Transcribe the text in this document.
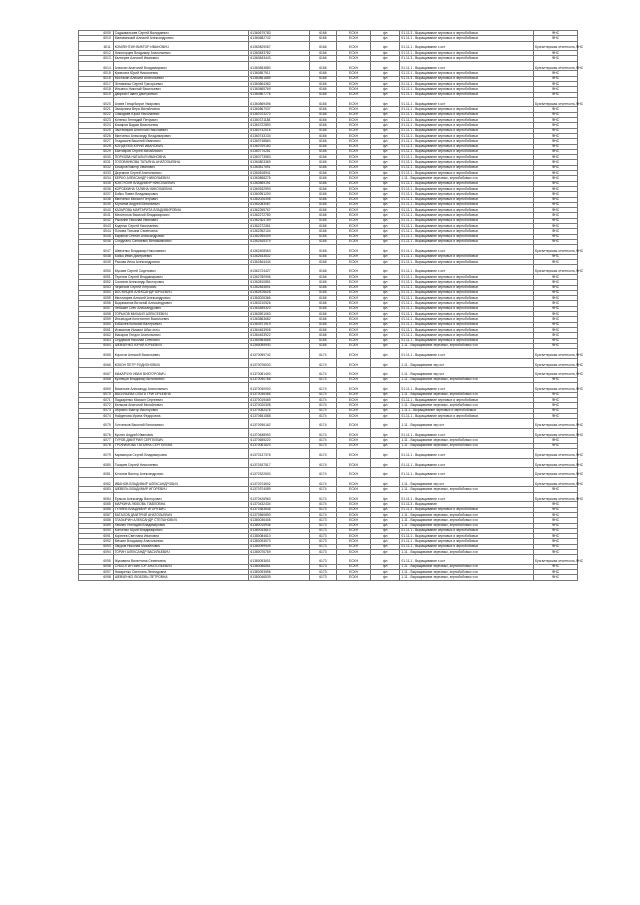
6009	Садыквальиев Сергей Валидиевич	61360679783	6166	ЕСХН	фл	01.11.3 - Выращивание зерновых и зернобобовых	ФНС
6010	Малявинский Алексей Александрович	61360682742	6166	ЕСХН	фл	01.11.1 - Выращивание зерновых и зернобобовых	ФНС
6011	КОМЛЕНТИН ВИКТОР ИВАНОВИЧ	61360829067	6166	ЕСХН	фл	01.11.1 - Выращивание з ост	Бухгалтерская отчетность,ФНС
6012	Никонорцев Владимир Анатольевич	61360833782	6166	ЕСХН	фл	01.11.1 - Выращивание зерновых и зернобобовых	ФНС
6013	Калчерев Алексей Иванович	61360843443	6166	ЕСХН	фл	01.11.3 - Выращивание зерновых и зернобобовых	ФНС
6014	Алексин Анатолий Владимирович	61360853880	6166	ЕСХН	фл	01.11.1 - Выращивание з ост	Бухгалтерская отчетность,ФНС
6015	Кривоспа Юрий Николаевич	61360857911	6166	ЕСХН	фл	01.11.1 - Выращивание зерновых и зернобобовых	ФНС
6016	Мостакин Алексей Анатольевич	61360861889	6166	ЕСХН	фл	01.11.3 - Выращивание зерновых и зернобобовых	ФНС
6017	Эстиманко Сергей Григорьевич	61360864362	6166	ЕСХН	фл	01.11.1 - Выращивание зерновых и зернобобовых	ФНС
6018	Ильинко Николай Васильевич	61360865769	6166	ЕСХН	фл	01.11.1 - Выращивание зерновых и зернобобовых	ФНС
6019	Дворкин Павел Дмитриевич	61360867776	6166	ЕСХН	фл	01.11.1 - Выращивание зерновых и зернобобовых	ФНС
6020	Алиев Гатырбаграт Умарович	61360869496	6166	ЕСХН	фл	01.11.1 - Выращивание з ост	Бухгалтерская отчетность,ФНС
6021	Захарлина Вера Михайловна	61360867037	6166	ЕСХН	фл	01.11.1 - Выращивание зерновых и зернобобовых	ФНС
6022	Самодаев Юрий Николаевич	61360703270	6166	ЕСХН	фл	01.11.1 - Выращивание зерновых и зернобобовых	ФНС
6023	Котенко Геннадий Петрович	61360721188	6166	ЕСХН	фл	01.11.1 - Выращивание зерновых и зернобобовых	ФНС
6024	Комаров Вадим Васильевич	61360722890	6166	ЕСХН	фл	01.11.1 - Выращивание зерновых и зернобобовых	ФНС
6025	Застемиров Анатолий Николаевич	61360742016	6166	ЕСХН	фл	01.11.1 - Выращивание зерновых и зернобобовых	ФНС
6026	Минченко Александр Владимирович	61360743134	6166	ЕСХН	фл	01.11.1 - Выращивание зерновых и зернобобовых	ФНС
6027	Гладышев Василий Иванович	61360748860	6166	ЕСХН	фл	01.11.1 - Выращивание зерновых и зернобобовых	ФНС
6028	КОНДЕПЕВ ЮРИЙ ИВАНОВИЧ	61360759180	6166	ЕСХН	фл	01.11.3 - Выращивание зерновых и зернобобовых	ФНС
6029	Бахтиаров Сергей Михайлович	61360775281	6166	ЕСХН	фл	01.11.1 - Выращивание зерновых и зернобобовых	ФНС
6030	ПОРХОВА НАТАЛЬЯ ИВАНОВНА	61360773583	6166	ЕСХН	фл	01.11.1 - Выращивание зерновых и зернобобовых	ФНС
6031	ГОЛОВНИКОВА ТАТЬЯНА АНАТОЛЬЕВНА	61360803369	6166	ЕСХН	фл	01.11.1 - Выращивание зерновых и зернобобовых	ФНС
6032	Бочаров Виктор Иванович	61360817591	6166	ЕСХН	фл	01.11.1 - Выращивание зерновых и зернобобовых	ФНС
6033	Дерганов Сергей Анатольевич	61360818941	6166	ЕСХН	фл	01.11.1 - Выращивание зерновых и зернобобовых	ФНС
6034	БЕРКО АЛЕКСАНДР НИКОЛАЕВИЧ	61360858275	6166	ЕСХН	фл	1.11 - Выращивание зерновых, зернобобовых и м	ФНС
6035	КОКТУСИН ВЛАДИМИР НИКОЛАЕВИЧ	61360869191	6166	ЕСХН	фл	01.11.1 - Выращивание зерновых и зернобобовых	ФНС
6036	КОРОБКИНА ГАЛИНА НИКОЛАЕВНА	61360932993	6166	ЕСХН	фл	01.11.1 - Выращивание зерновых и зернобобовых	ФНС
6037	Бойко Павел Владимирович	61360951200	6166	ЕСХН	фл	01.11.1 - Выращивание зерновых и зернобобовых	ФНС
6038	Минченко Михаил Петрович	61362026398	6166	ЕСХН	фл	01.11.1 - Выращивание зерновых и зернобобовых	ФНС
6039	Юрганов Андрей Витальевич	61362083067	6166	ЕСХН	фл	01.11.1 - Выращивание зерновых и зернобобовых	ФНС
6040	КАЗАРОВА МАРГАРИТА ВЛАДИМИРОВНА	61362265767	6166	ЕСХН	фл	01.11.1 - Выращивание зерновых и зернобобовых	ФНС
6041	Мелитонов Василий Владимирович	61362272780	6166	ЕСХН	фл	01.11.1 - Выращивание зерновых и зернобобовых	ФНС
6042	Рыкалин Николай Иванович	61362304789	6166	ЕСХН	фл	01.11.1 - Выращивание зерновых и зернобобовых	ФНС
6043	Коденко Сергей Николаевич	61362272361	6166	ЕСХН	фл	01.11.1 - Выращивание зерновых и зернобобовых	ФНС
6044	Попова Татьяна Семеновна	61362392104	6166	ЕСХН	фл	01.11.1 - Выращивание зерновых и зернобобовых	ФНС
6045	Баранов Степан Александрович	61362395409	6166	ЕСХН	фл	01.11.1 - Выращивание зерновых и зернобобовых	ФНС
6046	Сондугано Сангаевич Вениаминович	61362545379	6166	ЕСХН	фл	01.11.1 - Выращивание зерновых и зернобобовых	ФНС
6047	Шевченко Владимир Николаевич	61362408063	6166	ЕСХН	фл	01.11.1 - Выращивание з ост	Бухгалтерская отчетность,ФНС
6048	Бойко Иван Дмитриевич	61362643632	6166	ЕСХН	фл	01.11.1 - Выращивание зерновых и зернобобовых	ФНС
6049	Рыкова Инна Александровна	61362844444	6166	ЕСХН	фл	01.11.1 - Выращивание зерновых и зернобобовых	ФНС
6050	Мусаев Сергей Сиденович	61362724427	6166	ЕСХН	фл	01.11.1 - Выращивание з ост	Бухгалтерская отчетность,ФНС
6051	Терехов Сергей Владимирович	61362780906	6166	ЕСХН	фл	01.11.1 - Выращивание зерновых и зернобобовых	ФНС
6052	Салихов Александр Викторович	61362810851	6166	ЕСХН	фл	01.11.1 - Выращивание зерновых и зернобобовых	ФНС
6053	Черкесов Сергей Петрович	61362844691	6166	ЕСХН	фл	01.11.1 - Выращивание зерновых и зернобобовых	ФНС
6054	ВОСНИЦЕВ АЛЕКСАНДР ЮРЬЕВИЧ	61362876628	6166	ЕСХН	фл	01.11.1 - Выращивание зерновых и зернобобовых	ФНС
6055	Миллиарев Алексей Александрович	61363026366	6166	ЕСХН	фл	01.11.1 - Выращивание зерновых и зернобобовых	ФНС
6056	Водомзанов Виталий Александрович	61363210526	6166	ЕСХН	фл	01.11.1 - Выращивание зерновых и зернобобовых	ФНС
6057	Чебыкин Олег Александрович	61363489320	6166	ЕСХН	фл	01.11.1 - Выращивание зерновых и зернобобовых	ФНС
6058	ГОРЬКОВ МИХАИЛ АЛЕКСЕЕВИЧ	61363591063	6166	ЕСХН	фл	01.11.1 - Выращивание зерновых и зернобобовых	ФНС
6059	Ильиходов Константин Васильевич	61363863682	6166	ЕСХН	фл	01.11.1 - Выращивание зерновых и зернобобовых	ФНС
6060	Бобылев Виталий Валерьевич	61363971919	6166	ЕСХН	фл	01.11.1 - Выращивание зерновых и зернобобовых	ФНС
6061	Исмаилов Исмаил Абас оглы	61364463908	6166	ЕСХН	фл	01.11.1 - Выращивание зерновых и зернобобовых	ФНС
6062	Макаров Гендон Анатольевич	61364453922	6166	ЕСХН	фл	01.11.1 - Выращивание зерновых и зернобобовых	ФНС
6063	Сердюков Николай Олегович	61364964665	6166	ЕСХН	фл	01.11.1 - Выращивание зерновых и зернобобовых	ФНС
6064	ШЕВЧЕНКО ЮРИЙ ЮРЬЕВИЧ	61365059940	6166	ЕСХН	фл	1.11 - Выращивание зерновых, зернобобовых и м	ФНС
6065	Коротов Алексей Васильевич	61370059742	6174	ЕСХН	фл	01.11.1 - Выращивание з ост	Бухгалтерская отчетность,ФНС
6066	КОКОН ПЕТР РОДИОНОВИЧ	61370076030	6174	ЕСХН	фл	1.11 - Выращивание зер ост	Бухгалтерская отчетность,ФНС
6067	МАКАРЧУК ИВАН ВИКТОРОВИЧ	61370081400	6174	ЕСХН	фл	1.11 - Выращивание зер ост	Бухгалтерская отчетность,ФНС
6068	Кузнецов Владимир Витальевич	61370090766	6174	ЕСХН	фл	1.11 - Выращивание зерновых, зернобобовых и м	ФНС
6069	Васильев Александр Анатольевич	61370040000	6174	ЕСХН	фл	01.11.1 - Выращивание з ост	Бухгалтерская отчетность,ФНС
6070	ВАСИЛЬЕВА ОЛЬГА ГРИГОРЬЕВНА	61370046466	6174	ЕСХН	фл	1.11 - Выращивание зерновых, зернобобовых и м	ФНС
6071	Падкаренко Михаил Сергеевич	61370019469	6174	ЕСХН	фл	01.11.1 - Выращивание зерновых и зернобобовых	ФНС
6072	Беляков Анатолий Михайлович	61370020308	6174	ЕСХН	фл	1.11 - Выращивание зерновых, зернобобовых и м	ФНС
6073	Абриянс Виктор Викторович	61370082476	6174	ЕСХН	фл	1.11.1 - Выращивание зерновых и зернобобовых	ФНС
6074	Найденова Ирина Фёдоровна	61370651588	6174	ЕСХН	фл	01.11.1 - Выращивание зерновых и зернобобовых	ФНС
6075	Хотченков Василий Витальевич	61370936162	6174	ЕСХН	фл	1.11 - Выращивание зер ост	Бухгалтерская отчетность,ФНС
6076	Кустин Андрей Иванович	61370638993	6174	ЕСХН	фл	01.11.1 - Выращивание з ост	Бухгалтерская отчетность,ФНС
6077	ГУРОВ ДМИТРИЙ СЕРГЕЕВИЧ	61370659220	6174	ЕСХН	фл	1.11 - Выращивание зерновых, зернобобовых и м	ФНС
6078	ТРОФИМОВА ТАТЬЯНА СЕРГЕЕВНА	61370061824	6174	ЕСХН	фл	1.11 - Выращивание зерновых, зернобобовых и м	ФНС
6079	Карманцов Сергей Владимирович	61370137376	6174	ЕСХН	фл	01.11.1 - Выращивание з ост	Бухгалтерская отчетность,ФНС
6080	Токарев Сергей Николаевич	61370187517	6174	ЕСХН	фл	01.11.1 - Выращивание з ост	Бухгалтерская отчетность,ФНС
6081	Котилов Виктор Александрович	61370322600	6174	ЕСХН	фл	01.11.1 - Выращивание з ост	Бухгалтерская отчетность,ФНС
6082	ИВАНОВ ВЛАДИМИР АЛЕКСАНДРОВИЧ	61370374602	6174	ЕСХН	фл	1.11 - Выращивание зер ост	Бухгалтерская отчетность,ФНС
6083	ШЕВЕЛЬ ВЛАДИМИР ИГОРЕВИЧ	61370374089	6174	ЕСХН	фл	1.11 - Выращивание зерновых, зернобобовых и м	ФНС
6084	Ерасов Александр Викторович	61370426960	6174	ЕСХН	фл	01.11.1 - Выращивание з ост	Бухгалтерская отчетность,ФНС
6085	МАРКИНА ЛЮБОВЬ ПАВЛОВНА	61370432434	6174	ЕСХН	фл	01.11.3 - Выращивание	ФНС
6086	ГУЛЯЕВ ВЛАДИМИР ИГОРЕВИЧ	61370383848	6174	ЕСХН	фл	01.11.3 - Выращивание зерновых и зернобобовых	ФНС
6087	БАТАЛОВ ДМИТРИЙ АНАТОЛЬЕВИЧ	61370550890	6174	ЕСХН	фл	1.11 - Выращивание зерновых, зернобобовых и м	ФНС
6088	ГЛАЗЫРИН АЛЕКСАНДР СТЕПАНОВИЧ	61380036408	6173	ЕСХН	фл	1.11 - Выращивание зерновых, зернобобовых и м	ФНС
6089	Хвилин Геннадий Владимирович	61380015946	6173	ЕСХН	фл	1.11 - Выращивание зерновых, зернобобовых и м	ФНС
6090	Конченко Юрий Владимирович	61380043610	6173	ЕСХН	фл	01.11.1 - Выращивание зерновых и зернобобовых	ФНС
6091	Корнеев Светлана Ивановна	61380084610	6173	ЕСХН	фл	01.11.1 - Выращивание зерновых и зернобобовых	ФНС
6092	Мечкин Владимир Анатольевич	61380093573	6173	ЕСХН	фл	01.11.1 - Выращивание зерновых и зернобобовых	ФНС
6093	Хмуров Николай Михайлович	61380099949	6173	ЕСХН	фл	01.11.1 - Выращивание зерновых и зернобобовых	ФНС
6094	ГОРИН АЛЕКСАНДР ВАСИЛЬЕВИЧ	61380076769	6173	ЕСХН	фл	1.11 - Выращивание зерновых, зернобобовых и м	ФНС
6095	Жуковина Валентина Семеновна	61380093601	6173	ЕСХН	фл	01.11.1 - Выращивание з ост	Бухгалтерская отчетность,ФНС
6096	СУББОТИН ВИКТОР АНАТОЛЬЕВИЧ	61380086561	6173	ЕСХН	фл	1.11 - Выращивание зерновых, зернобобовых и м	ФНС
6097	Назаренко Светлана Леонидовна	61380093596	6173	ЕСХН	фл	1.11 - Выращивание зерновых, зернобобовых и м	ФНС
6098	ШЕВЧЕНКО ЛЮБОВЬ ПЕТРОВНА	61380046539	6173	ЕСХН	фл	1.11 - Выращивание зерновых, зернобобовых и м	ФНС
